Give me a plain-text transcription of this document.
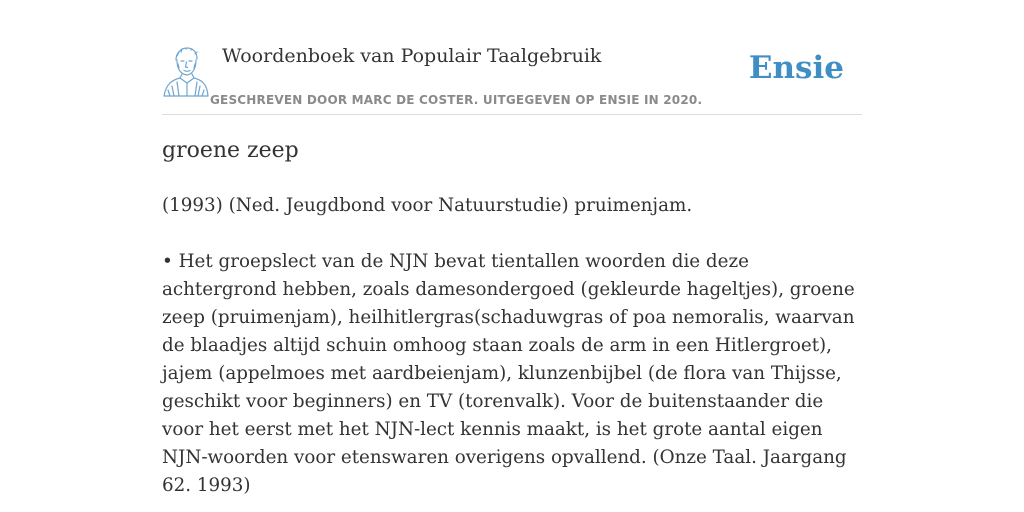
Woordenboek van Populair Taalgebruik
GESCHREVEN DOOR MARC DE COSTER. UITGEGEVEN OP ENSIE IN 2020.
Ensie
groene zeep

(1993) (Ned. Jeugdbond voor Natuurstudie) pruimenjam.

• Het groepslect van de NJN bevat tientallen woorden die deze achtergrond hebben, zoals damesondergoed (gekleurde hageltjes), groene zeep (pruimenjam), heilhitlergras(schaduwgras of poa nemoralis, waarvan de blaadjes altijd schuin omhoog staan zoals de arm in een Hitlergroet), jajem (appelmoes met aardbeienjam), klunzenbijbel (de flora van Thijsse, geschikt voor beginners) en TV (torenvalk). Voor de buitenstaander die voor het eerst met het NJN-lect kennis maakt, is het grote aantal eigen NJN-woorden voor etenswaren overigens opvallend. (Onze Taal. Jaargang 62. 1993)
